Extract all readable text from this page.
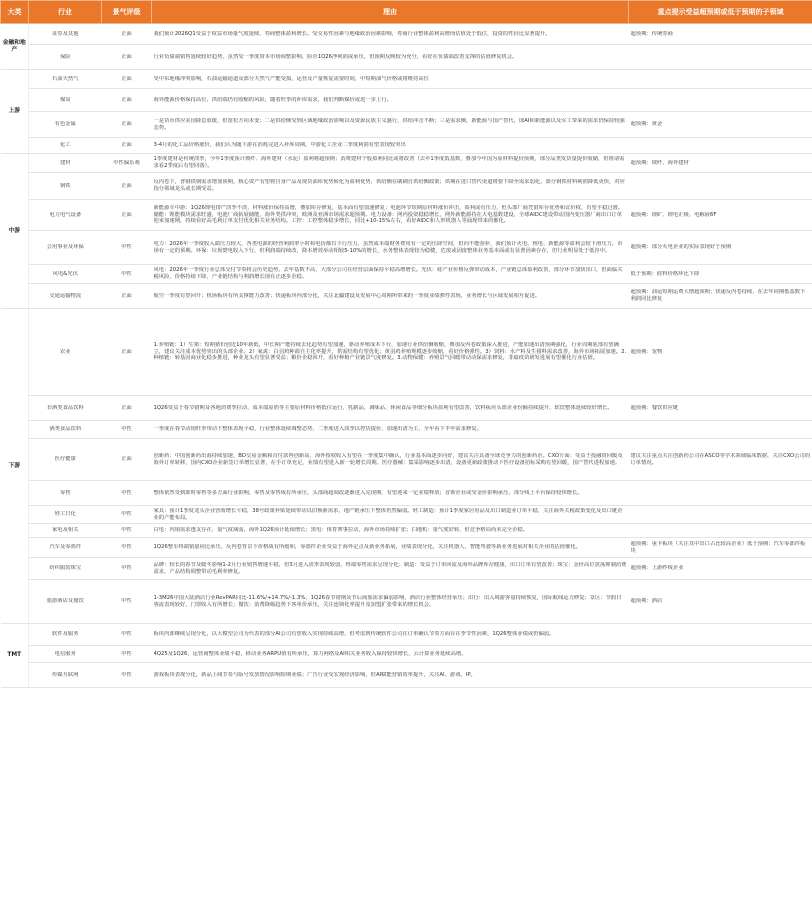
大类	行业	景气评级	理由	重点提示受益超预期或低于预期的子领域
金融和地产	证券及其他	正面	我们预计2026Q1受益于权益市场量气度延续，券商整体盈利增长。受交易性因素与地缘政治因素影响，券商行业整体盈利高增而估值处于低位，投资的性价比显著提升。	超预期：传统券商

	保险	正面	行业负债端销售延续较好趋势，虽然受一季度资本市场调整影响，险企1Q26净利润或承压，但预期反映较为充分，看好在负债端改善支撑的估值修复机会。	

上游	石油天然气	正面	受中东地缘冲突影响，石油运输通道及部分天然气产能受损，运营及产量恢复需要时间，中短期油气价格或将维持高位	

	煤炭	正面	海外能源价格保持高位，供给端仍有收缩的风险，随着旺季的补库需求，我们判断煤价或进一步上行。	

	有色金属	正面	一是货币供应美国降息放缓，但宽松方向未变；二是供给侧受到区域地缘政治影响以及资源民族主义盛行，供给冲击不断；三是需求侧，新能源与国产替代，即AI和新能源以及军工带来的需求仍保持较强态势。	超预期：黄金

	化工	正面	3-4月的化工品价格涨价，我们认为随下游在消耗完进入补库周期，中游化工企业二季度利润有望表现较突出	

中游	建材	中性偏乐观	1季度建材是传统淡季，今年1季度预计玻纤、海外建材（水泥）盈利将超预期；消费建材个股盈利同比或将改善（去年1季度低基数，叠加今年国为原材料提价预期，部分品类发货量提价收储，但将请需求看2季度后有望回落）。	超预期：玻纤、海外建材

	钢铁	正面	反内卷下，普钢铁钢需求增加预期，核心资产有望将自身产品及现货油库优势转化为盈利优势，供给侧在刷刷自供给侧政策；供期在进口替代渠道将要下降至需求弱化，部分钢铁材料利润降低更快，对应指分领域龙头或长期受益。	

	电力电气设备	正面	新能源车中游：1Q26锂电排产淡季不淡，材料涨价保持高增，叠加库存修复，基本面有望加速修复；电池环节短期原材料涨价冲击，盈利或有压力，但头部厂商凭借库存优势和议价权，有望平稳过渡。储能：锂能模块需求旺盛，电池厂商拓展储能，海外类供冲突，欧洲及亚洲市场需求超预期。电力设备：网内投资稳稳增长，网外新能源持在大电基数建设，全球AIDC建设带动国内变压器厂商出口订单迎来加速期，持续看好高毛利订单支付优化相关业务结构。工控：工控整体稳步增长，同比+10-15%左右，看好AIDC和人形机器人等涌现带来的催化。	超预期：锂矿、锂电正极、电解液6F

	公用事业及环保	中性	电力：2026年一季度收入端压力较大，各类电源的经营利润率小时和电价都有下行压力，虽然成本端财务费用有一定的压降空间，但向不能弥补，我们预计火电、核电、新能源等盈利会较下滑压力，市场有一定的预期。环保：垃圾焚电收入下行，但利润端持续改，降本增效举动相较5-10%的增长，水务整体表现较为稳健，危废或固废整体业务基本面或有显著因素存在，但行业明显处于低谷中。	超预期：部分火电企业的实际表现好于预期

	风电&光伏	中性	风电：2026年一季度行业总体交付节奏将会历史趋势，去年基数不高，大部分公司在经营层面保持平稳高增增长。光伏：硅产业价格反弹带动成本，产业链总体盈利改善，部分环节加快出口，但面临关税风险，价格持续下降，产业链结构与利润增长现在正逐步企稳。	低于预期：硅料价格环比下降

	交通运输物流	正面	航空一季度有望回升；机场板块有所支撑能力改善；快递板块内部分化，关注北疆建设及发展中心周期所带来的一季度业绩弹性表现，业务增长与区域发展相互促进。	超预期：油运短期运费大增超预期；快递反内卷持续，在去年同期低基数下利润同比修复

下游	农业	正面	1.养殖链：1）生猪：短期猪价创近10年新低，中长期产能持续去化趋势有望加速，驱动养殖成本下行，加速行业供给侧收缩，叠加反内卷政策深入推进，产能加速出清预期强化，行业周期底部有望确立，建议关注成本优势突出的头部企业。2）家禽：白羽鸡种源自主化率提升，供需结构有望优化；黄羽鸡养殖规模逐步收缩，看好价格弹性。3）饲料：水产料及生猪料需求改善，海外市场拓展加速。2.种植链：转基因商业化稳步推进，种业龙头有望显著受益；粮价企稳回升，看好种植产业链景气度修复。3.动物保健：养殖景气回暖带动动保需求修复，非瘟疫苗研发进展有望催化行业估值。	超预期：宠物

	非酒类食品饮料	正面	1Q26受益于春节错期及各地消费季拉动，成本端原奶等主要原材料价格低位运行，乳制品、调味品、休闲食品等细分板块盈利有望改善，饮料板块头部企业份额持续提升，软饮整体延续较好增长。	超预期：餐饮供应链

	酒类食品饮料	中性	一季度在春节动销旺季带动下整体表现平稳，行业整体延续调整态势，二季度进入淡季以控货提价、加速出清为主，全年看下半年需求修复。	

	医疗健康	正面	创新药：中国创新药出海持续加速，BD交易金额和首付款再创新高，海外授权收入有望在一季度集中确认，行业基本面逐步向好，建议关注具备全球竞争力的创新药企。CXO方面：受益于投融资回暖及海外订单转移，国内CXO企业新签订单增长显著，在手订单充足，业绩有望进入新一轮增长周期。医疗器械：集采影响逐步出清，设备更新政策推动下医疗设备招标采购有望回暖，国产替代进程加速。	建议关注重点关注创新药公司在ASCO等学术领域临床数据，关注CXO公司的订单情况。

	零售	中性	整体依然受到即时零售等多方面行业影响，零售及零售线有所承压，头部商超调改逐渐进入兑现期，有望迎来一定业绩释放；首饰企业或受金价影响承压，部分线上平台保持较快增长。	

	轻工日化	中性	家具：预计1季度龙头企业营收增长平稳，38号政策补贴延续带动以旧换新需求，地产链承压下整体仍然偏弱。轻工制造：预计1季度家居用品及出口制造业订单平稳，关注海外关税政策变化及出口链企业的产能布局。	

	家电及相关	中性	白电：内销需求透支存在，量气度减弱，海外1Q26预计延续增长；黑电：体育赛事拉动，海外市场持续扩张；扫地机：量气度好转，但竞争格局尚未完全企稳。	

	汽车及零部件	中性	1Q26整车终端销量同比承压，反内卷背景下价格战有所缓和，零部件企业受益于海外定点及新业务拓展，业绩表现分化，关注机器人、智能驾驶等新业务进展对相关企业的估值催化。	超预期：重卡板块（关注其中出口占比较高企业）低于预期：汽车零部件板块

	纺织服装珠宝	中性	品牌：较长的春节及暖冬影响1-2月行业销售增速平稳，但3月进入淡季表现较弱，终端零售需求呈现分化；制造：受益于订单回流及海外品牌库存健康，出口订单有望改善；珠宝：金价高位震荡抑制消费需求，产品结构调整带动毛利率修复。	超预期：上游纱线企业

	旅游酒店及餐饮	中性	1-3M26中国大陆酒店行业RevPAR同比-11.6%/+14.7%/-1.3%，1Q26春节错期及节后商旅需求偏弱影响，酒店行业整体经营承压；出行：出入境游客量持续恢复，国际航线运力修复；景区：节假日客流表现较好，门票收入有所增长；餐饮：消费降级趋势下客单价承压，关注连锁化率提升及加盟扩张带来的增长机会。	超预期：酒店

TMT	软件及服务	中性	板块内部继续呈现分化，以大模型公司为代表的部分AI公司有望收入实现持续高增，但考虑到传统软件公司在订单确认节奏方面存在季节性因素，1Q26整体业绩或仍偏弱。	

	电信服务	中性	4Q25及1Q26，运营商整体业绩平稳，移动业务ARPU值有所承压，算力网络及AI相关业务收入保持较快增长，云计算业务延续高增。	

	传媒互联网	中性	游戏板块表现分化，新品上线节奏与版号发放情况影响短期业绩；广告行业受宏观经济影响，但AI赋能营销效率提升，关注AI、游戏、IP。	
